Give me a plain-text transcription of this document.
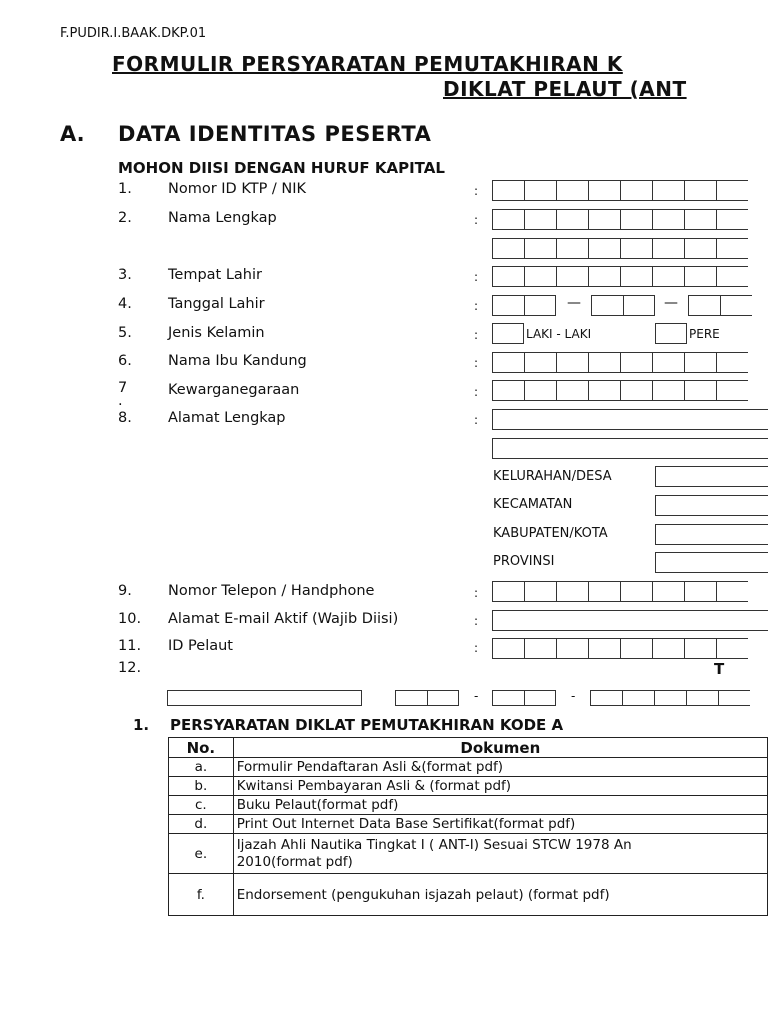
F.PUDIR.I.BAAK.DKP.01
FORMULIR PERSYARATAN PEMUTAKHIRAN K
DIKLAT PELAUT (ANT
A. DATA IDENTITAS PESERTA
MOHON DIISI DENGAN HURUF KAPITAL
1. Nomor ID KTP / NIK	:
2. Nama Lengkap	:
3. Tempat Lahir	:
4. Tanggal Lahir	:	—	—
5. Jenis Kelamin	:	LAKI - LAKI	PERE
6. Nama Ibu Kandung	:
7
.
Kewarganegaraan	:
8. Alamat Lengkap	:
KELURAHAN/DESA
KECAMATAN
KABUPATEN/KOTA
PROVINSI
9. Nomor Telepon / Handphone	:
10. Alamat E-mail Aktif (Wajib Diisi)	:
11. ID Pelaut	:
12.	T
-	-
1. PERSYARATAN DIKLAT PEMUTAKHIRAN KODE A
No.	Dokumen
a.	Formulir Pendaftaran Asli &(format pdf)
b.	Kwitansi Pembayaran Asli & (format pdf)
c.	Buku Pelaut(format pdf)
d.	Print Out Internet Data Base Sertifikat(format pdf)
e.	Ijazah Ahli Nautika Tingkat I ( ANT-I) Sesuai STCW 1978 An
2010(format pdf)
f.	Endorsement (pengukuhan isjazah pelaut) (format pdf)
